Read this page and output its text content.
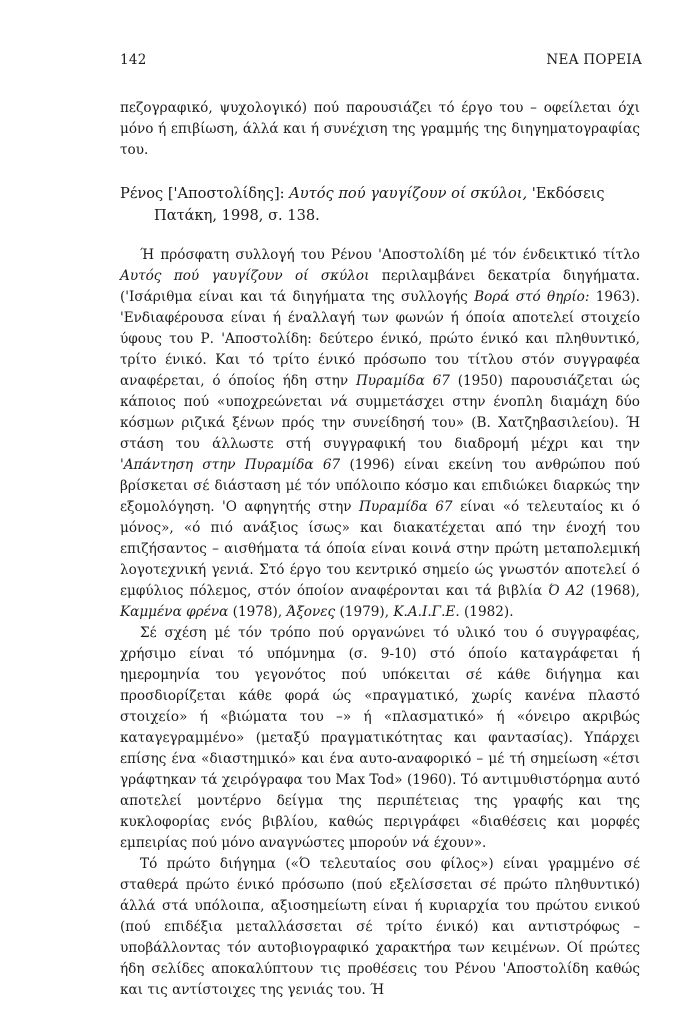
142	ΝΕΑ ΠΟΡΕΙΑ

πεζογραφικό, ψυχολογικό) πού παρουσιάζει τό έργο του – οφείλεται όχι μόνο ή επιβίωση, άλλά και ή συνέχιση της γραμμής της διηγηματογραφίας του.

Ρένος ['Αποστολίδης]: Αυτός πού γαυγίζουν οί σκύλοι, 'Εκδόσεις Πατάκη, 1998, σ. 138.

Ή πρόσφατη συλλογή του Ρένου 'Αποστολίδη μέ τόν ένδεικτικό τίτλο Αυτός πού γαυγίζουν οί σκύλοι περιλαμβάνει δεκατρία διηγήματα. ('Ισάριθμα είναι και τά διηγήματα της συλλογής Βορά στό θηρίο: 1963). 'Ενδιαφέρουσα είναι ή έναλλαγή των φωνών ή όποία αποτελεί στοιχείο ύφους του Ρ. 'Αποστολίδη: δεύτερο ένικό, πρώτο ένικό και πληθυντικό, τρίτο ένικό. Και τό τρίτο ένικό πρόσωπο του τίτλου στόν συγγραφέα αναφέρεται, ό όποίος ήδη στην Πυραμίδα 67 (1950) παρουσιάζεται ώς κάποιος πού «υποχρεώνεται νά συμμετάσχει στην ένοπλη διαμάχη δύο κόσμων ριζικά ξένων πρός την συνείδησή του» (Β. Χατζηβασιλείου). Ή στάση του άλλωστε στή συγγραφική του διαδρομή μέχρι και την 'Απάντηση στην Πυραμίδα 67 (1996) είναι εκείνη του ανθρώπου πού βρίσκεται σέ διάσταση μέ τόν υπόλοιπο κόσμο και επιδιώκει διαρκώς την εξομολόγηση. 'Ο αφηγητής στην Πυραμίδα 67 είναι «ό τελευταίος κι ό μόνος», «ό πιό ανάξιος ίσως» και διακατέχεται από την ένοχή του επιζήσαντος – αισθήματα τά όποία είναι κοινά στην πρώτη μεταπολεμική λογοτεχνική γενιά. Στό έργο του κεντρικό σημείο ώς γνωστόν αποτελεί ό εμφύλιος πόλεμος, στόν όποίον αναφέρονται και τά βιβλία Ό Α2 (1968), Καμμένα φρένα (1978), Άξονες (1979), Κ.Α.Ι.Γ.Ε. (1982).

Σέ σχέση μέ τόν τρόπο πού οργανώνει τό υλικό του ό συγγραφέας, χρήσιμο είναι τό υπόμνημα (σ. 9-10) στό όποίο καταγράφεται ή ημερομηνία του γεγονότος πού υπόκειται σέ κάθε διήγημα και προσδιορίζεται κάθε φορά ώς «πραγματικό, χωρίς κανένα πλαστό στοιχείο» ή «βιώματα του –» ή «πλασματικό» ή «όνειρο ακριβώς καταγεγραμμένο» (μεταξύ πραγματικότητας και φαντασίας). Υπάρχει επίσης ένα «διαστημικό» και ένα αυτο-αναφορικό – μέ τή σημείωση «έτσι γράφτηκαν τά χειρόγραφα του Max Tod» (1960). Τό αντιμυθιστόρημα αυτό αποτελεί μοντέρνο δείγμα της περιπέτειας της γραφής και της κυκλοφορίας ενός βιβλίου, καθώς περιγράφει «διαθέσεις και μορφές εμπειρίας πού μόνο αναγνώστες μπορούν νά έχουν».

Τό πρώτο διήγημα («Ό τελευταίος σου φίλος») είναι γραμμένο σέ σταθερά πρώτο ένικό πρόσωπο (πού εξελίσσεται σέ πρώτο πληθυντικό) άλλά στά υπόλοιπα, αξιοσημείωτη είναι ή κυριαρχία του πρώτου ενικού (πού επιδέξια μεταλλάσσεται σέ τρίτο ένικό) και αντιστρόφως – υποβάλλοντας τόν αυτοβιογραφικό χαρακτήρα των κειμένων. Οί πρώτες ήδη σελίδες αποκαλύπτουν τις προθέσεις του Ρένου 'Αποστολίδη καθώς και τις αντίστοιχες της γενιάς του. Ή
